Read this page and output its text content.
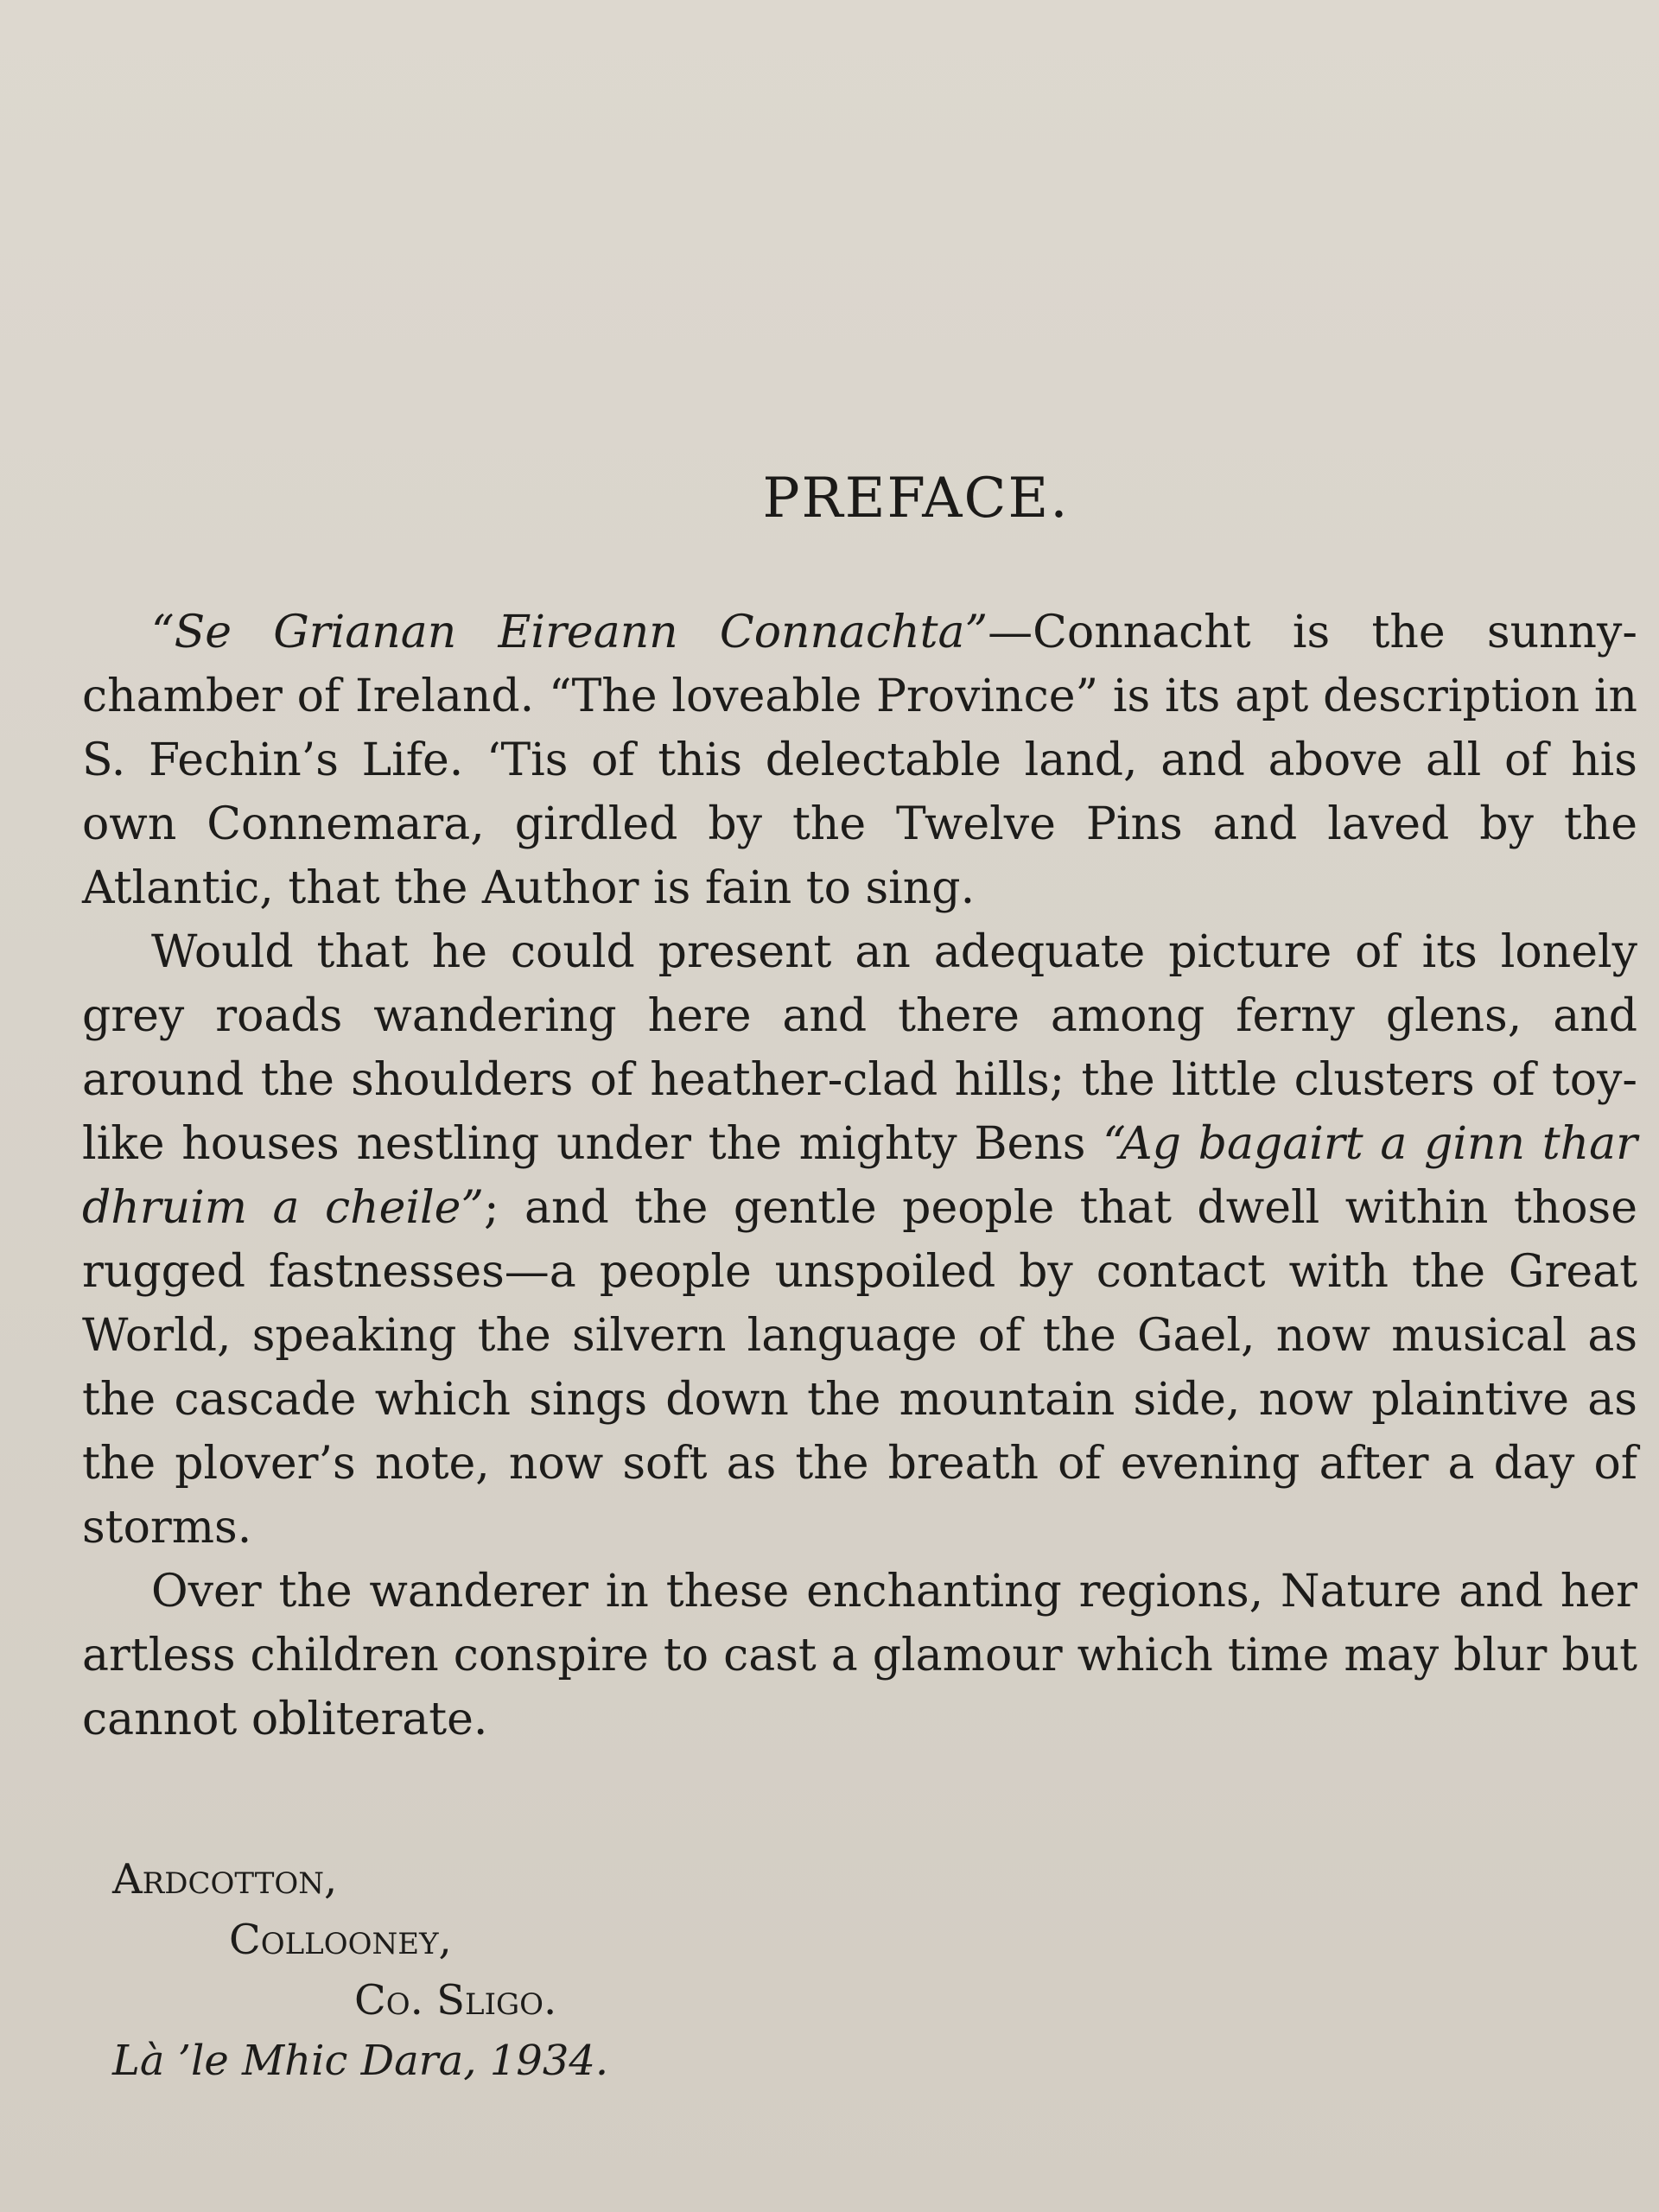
PREFACE.

“Se Grianan Eireann Connachta”—Connacht is the sunny-chamber of Ireland. “The loveable Province” is its apt description in S. Fechin’s Life. ‘Tis of this delectable land, and above all of his own Connemara, girdled by the Twelve Pins and laved by the Atlantic, that the Author is fain to sing.

Would that he could present an adequate picture of its lonely grey roads wandering here and there among ferny glens, and around the shoulders of heather-clad hills; the little clusters of toy-like houses nestling under the mighty Bens “Ag bagairt a ginn thar dhruim a cheile”; and the gentle people that dwell within those rugged fastnesses—a people unspoiled by contact with the Great World, speaking the silvern language of the Gael, now musical as the cascade which sings down the mountain side, now plaintive as the plover’s note, now soft as the breath of evening after a day of storms.

Over the wanderer in these enchanting regions, Nature and her artless children conspire to cast a glamour which time may blur but cannot obliterate.

Ardcotton,
Collooney,
Co. Sligo.
Là ’le Mhic Dara, 1934.
